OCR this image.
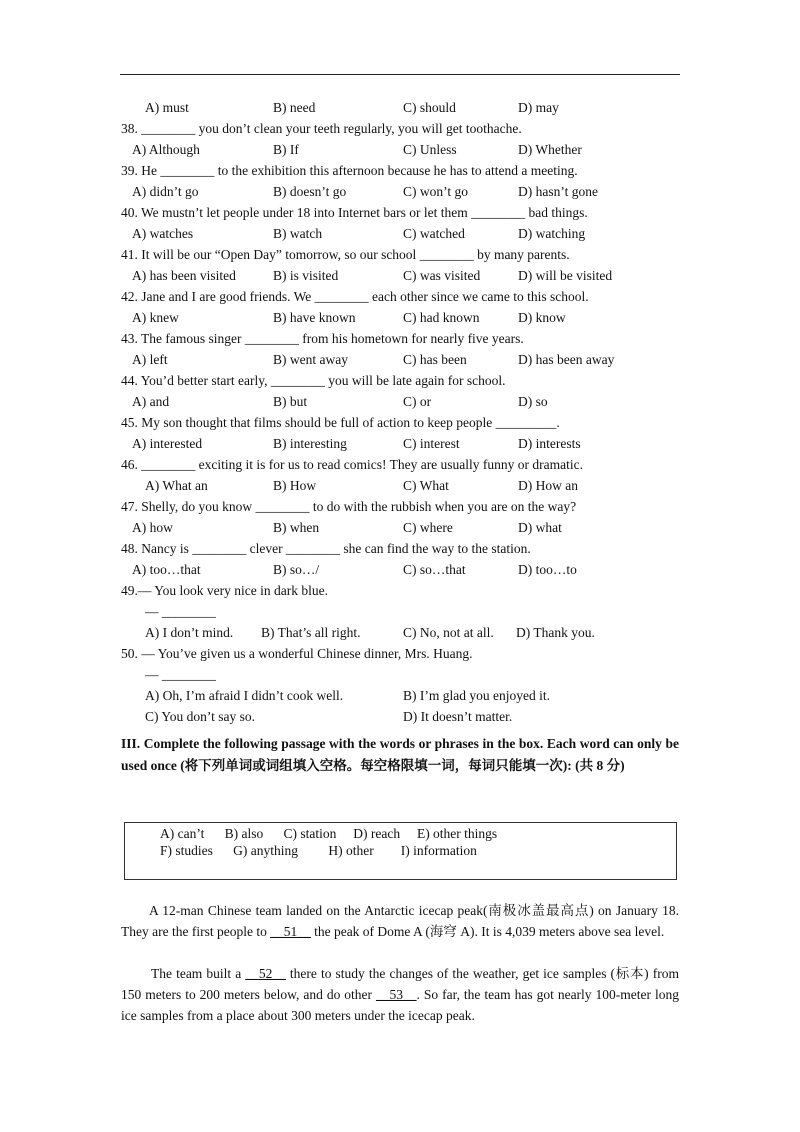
A) must	B) need	C) should	D) may
38. ________ you don’t clean your teeth regularly, you will get toothache.
A) Although	B) If	C) Unless	D) Whether
39. He ________ to the exhibition this afternoon because he has to attend a meeting.
A) didn’t go	B) doesn’t go	C) won’t go	D) hasn’t gone
40. We mustn’t let people under 18 into Internet bars or let them ________ bad things.
A) watches	B) watch	C) watched	D) watching
41. It will be our “Open Day” tomorrow, so our school ________ by many parents.
A) has been visited	B) is visited	C) was visited	D) will be visited
42. Jane and I are good friends. We ________ each other since we came to this school.
A) knew	B) have known	C) had known	D) know
43. The famous singer ________ from his hometown for nearly five years.
A) left	B) went away	C) has been	D) has been away
44. You’d better start early, ________ you will be late again for school.
A) and	B) but	C) or	D) so
45. My son thought that films should be full of action to keep people _________.
A) interested	B) interesting	C) interest	D) interests
46. ________ exciting it is for us to read comics! They are usually funny or dramatic.
A) What an	B) How	C) What	D) How an
47. Shelly, do you know ________ to do with the rubbish when you are on the way?
A) how	B) when	C) where	D) what
48. Nancy is ________ clever ________ she can find the way to the station.
A) too…that	B) so…/	C) so…that	D) too…to
49.— You look very nice in dark blue.
— ________
A) I don’t mind. B) That’s all right.	C) No, not at all. D) Thank you.
50. — You’ve given us a wonderful Chinese dinner, Mrs. Huang.
— ________
A) Oh, I’m afraid I didn’t cook well.	B) I’m glad you enjoyed it.
C) You don’t say so.	D) It doesn’t matter.
III. Complete the following passage with the words or phrases in the box. Each word can only be used once (将下列单词或词组填入空格。每空格限填一词，每词只能填一次): (共 8 分)
A) can’t      B) also      C) station     D) reach     E) other things
F) studies      G) anything         H) other        I) information
A 12-man Chinese team landed on the Antarctic icecap peak(南极冰盖最高点) on January 18. They are the first people to __51__ the peak of Dome A (海穹 A). It is 4,039 meters above sea level.
The team built a __52__ there to study the changes of the weather, get ice samples (标本) from 150 meters to 200 meters below, and do other __53__. So far, the team has got nearly 100-meter long ice samples from a place about 300 meters under the icecap peak.
